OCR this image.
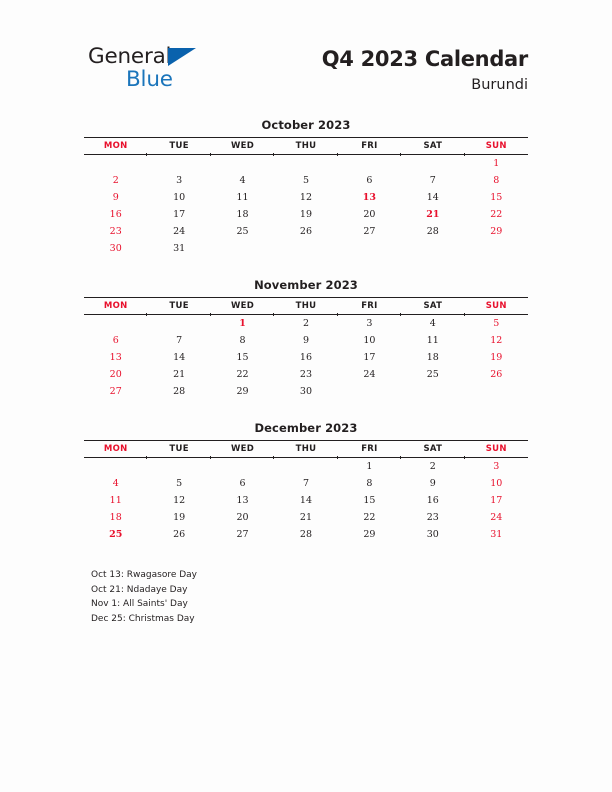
General
Blue
Q4 2023 Calendar
Burundi
October 2023
MON	TUE	WED	THU	FRI	SAT	SUN
						1
2	3	4	5	6	7	8
9	10	11	12	13	14	15
16	17	18	19	20	21	22
23	24	25	26	27	28	29
30	31					
November 2023
MON	TUE	WED	THU	FRI	SAT	SUN
		1	2	3	4	5
6	7	8	9	10	11	12
13	14	15	16	17	18	19
20	21	22	23	24	25	26
27	28	29	30			
December 2023
MON	TUE	WED	THU	FRI	SAT	SUN
				1	2	3
4	5	6	7	8	9	10
11	12	13	14	15	16	17
18	19	20	21	22	23	24
25	26	27	28	29	30	31
Oct 13: Rwagasore Day
Oct 21: Ndadaye Day
Nov 1: All Saints' Day
Dec 25: Christmas Day
